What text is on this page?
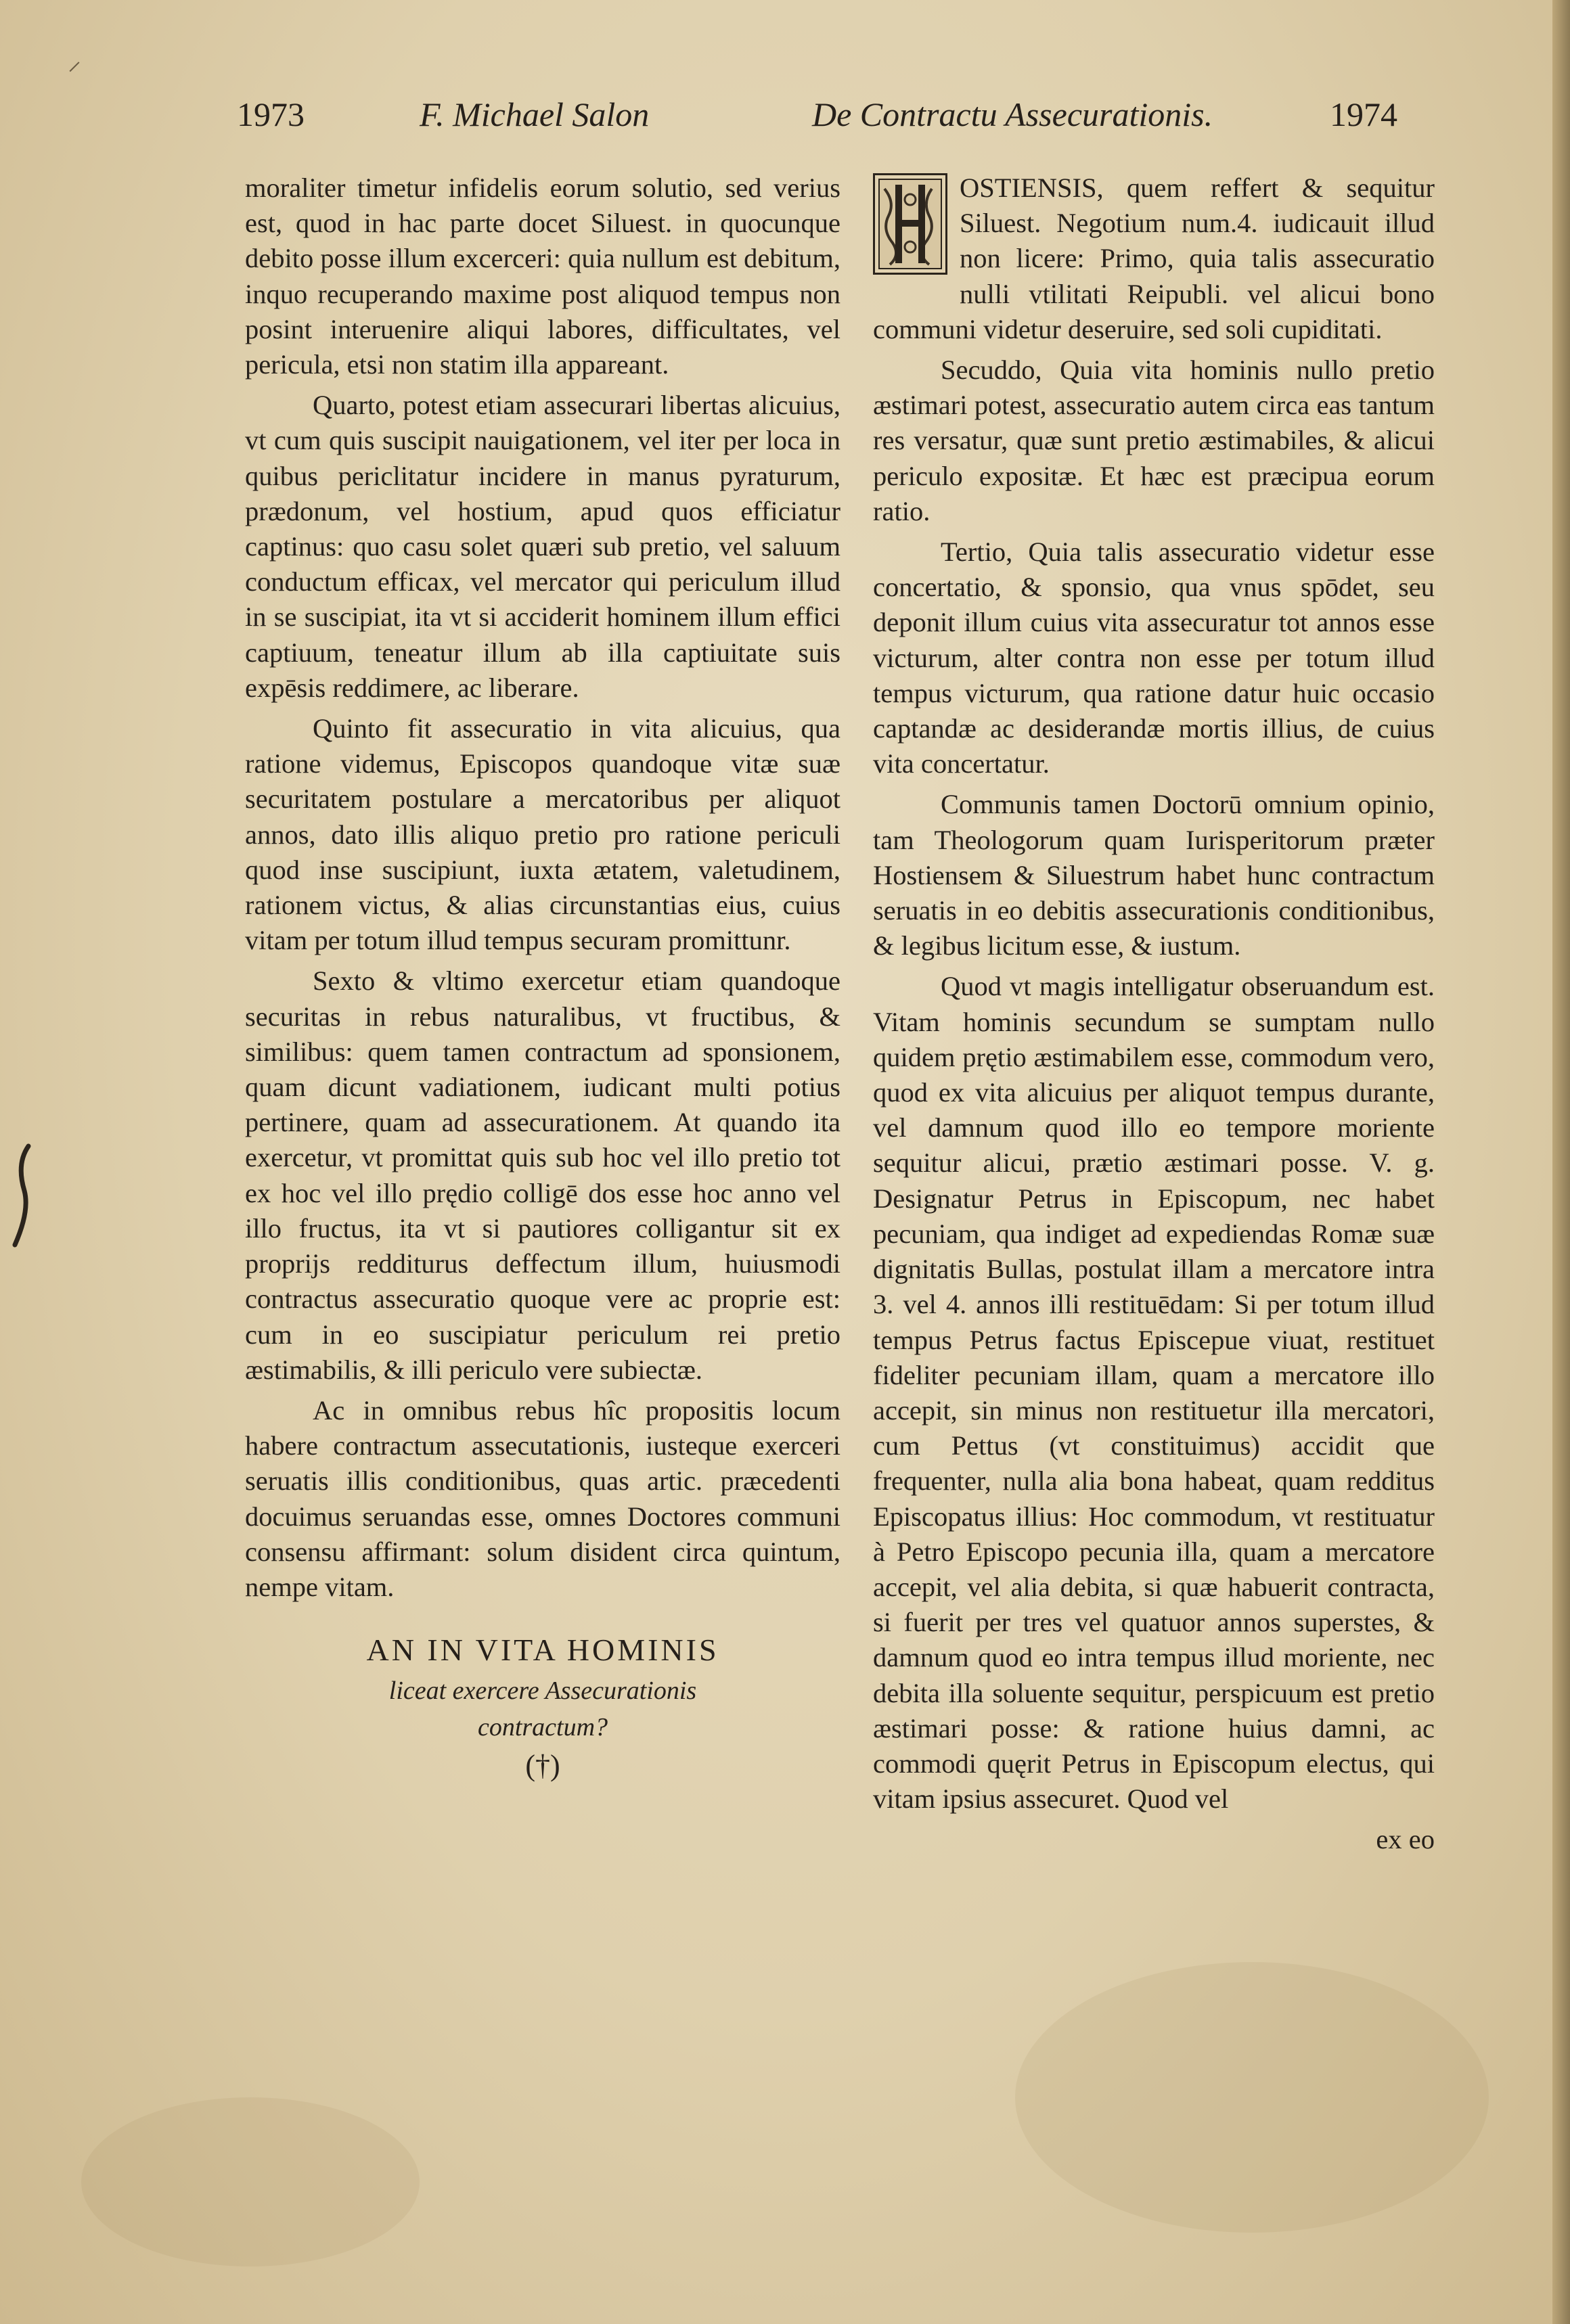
⸝
1973	F. Michael Salon	De Contractu Assecurationis.	1974

moraliter timetur infidelis eorum solutio, sed verius est, quod in hac parte docet Siluest. in quocunque debito posse illum excerceri: quia nullum est debitum, inquo recuperando maxime post aliquod tempus non posint interuenire aliqui labores, difficultates, vel pericula, etsi non statim illa appareant.

Quarto, potest etiam assecurari libertas alicuius, vt cum quis suscipit nauigationem, vel iter per loca in quibus periclitatur incidere in manus pyraturum, prædonum, vel hostium, apud quos efficiatur captinus: quo casu solet quæri sub pretio, vel saluum conductum efficax, vel mercator qui periculum illud in se suscipiat, ita vt si acciderit hominem illum effici captiuum, teneatur illum ab illa captiuitate suis expēsis reddimere, ac liberare.

Quinto fit assecuratio in vita alicuius, qua ratione videmus, Episcopos quandoque vitæ suæ securitatem postulare a mercatoribus per aliquot annos, dato illis aliquo pretio pro ratione periculi quod inse suscipiunt, iuxta ætatem, valetudinem, rationem victus, & alias circunstantias eius, cuius vitam per totum illud tempus securam promittunr.

Sexto & vltimo exercetur etiam quandoque securitas in rebus naturalibus, vt fructibus, & similibus: quem tamen contractum ad sponsionem, quam dicunt vadiationem, iudicant multi potius pertinere, quam ad assecurationem. At quando ita exercetur, vt promittat quis sub hoc vel illo pretio tot ex hoc vel illo prędio colligē dos esse hoc anno vel illo fructus, ita vt si pautiores colligantur sit ex proprijs redditurus deffectum illum, huiusmodi contractus assecuratio quoque vere ac proprie est: cum in eo suscipiatur periculum rei pretio æstimabilis, & illi periculo vere subiectæ.

Ac in omnibus rebus hîc propositis locum habere contractum assecutationis, iusteque exerceri seruatis illis conditionibus, quas artic. præcedenti docuimus seruandas esse, omnes Doctores communi consensu affirmant: solum disident circa quintum, nempe vitam.

AN IN VITA HOMINIS

liceat exercere Assecurationis

contractum?

(†)

OSTIENSIS, quem reffert & sequitur Siluest. Negotium num.4. iudicauit illud non licere: Primo, quia talis assecuratio nulli vtilitati Reipubli. vel alicui bono communi videtur deseruire, sed soli cupiditati.

Secuddo, Quia vita hominis nullo pretio æstimari potest, assecuratio autem circa eas tantum res versatur, quæ sunt pretio æstimabiles, & alicui periculo expositæ. Et hæc est præcipua eorum ratio.

Tertio, Quia talis assecuratio videtur esse concertatio, & sponsio, qua vnus spōdet, seu deponit illum cuius vita assecuratur tot annos esse victurum, alter contra non esse per totum illud tempus victurum, qua ratione datur huic occasio captandæ ac desiderandæ mortis illius, de cuius vita concertatur.

Communis tamen Doctorū omnium opinio, tam Theologorum quam Iurisperitorum præter Hostiensem & Siluestrum habet hunc contractum seruatis in eo debitis assecurationis conditionibus, & legibus licitum esse, & iustum.

Quod vt magis intelligatur obseruandum est. Vitam hominis secundum se sumptam nullo quidem prętio æstimabilem esse, commodum vero, quod ex vita alicuius per aliquot tempus durante, vel damnum quod illo eo tempore moriente sequitur alicui, prætio æstimari posse. V. g. Designatur Petrus in Episcopum, nec habet pecuniam, qua indiget ad expediendas Romæ suæ dignitatis Bullas, postulat illam a mercatore intra 3. vel 4. annos illi restituēdam: Si per totum illud tempus Petrus factus Episcepue viuat, restituet fideliter pecuniam illam, quam a mercatore illo accepit, sin minus non restituetur illa mercatori, cum Pettus (vt constituimus) accidit que frequenter, nulla alia bona habeat, quam redditus Episcopatus illius: Hoc commodum, vt restituatur à Petro Episcopo pecunia illa, quam a mercatore accepit, vel alia debita, si quæ habuerit contracta, si fuerit per tres vel quatuor annos superstes, & damnum quod eo intra tempus illud moriente, nec debita illa soluente sequitur, perspicuum est pretio æstimari posse: & ratione huius damni, ac commodi quęrit Petrus in Episcopum electus, qui vitam ipsius assecuret. Quod vel

ex eo
